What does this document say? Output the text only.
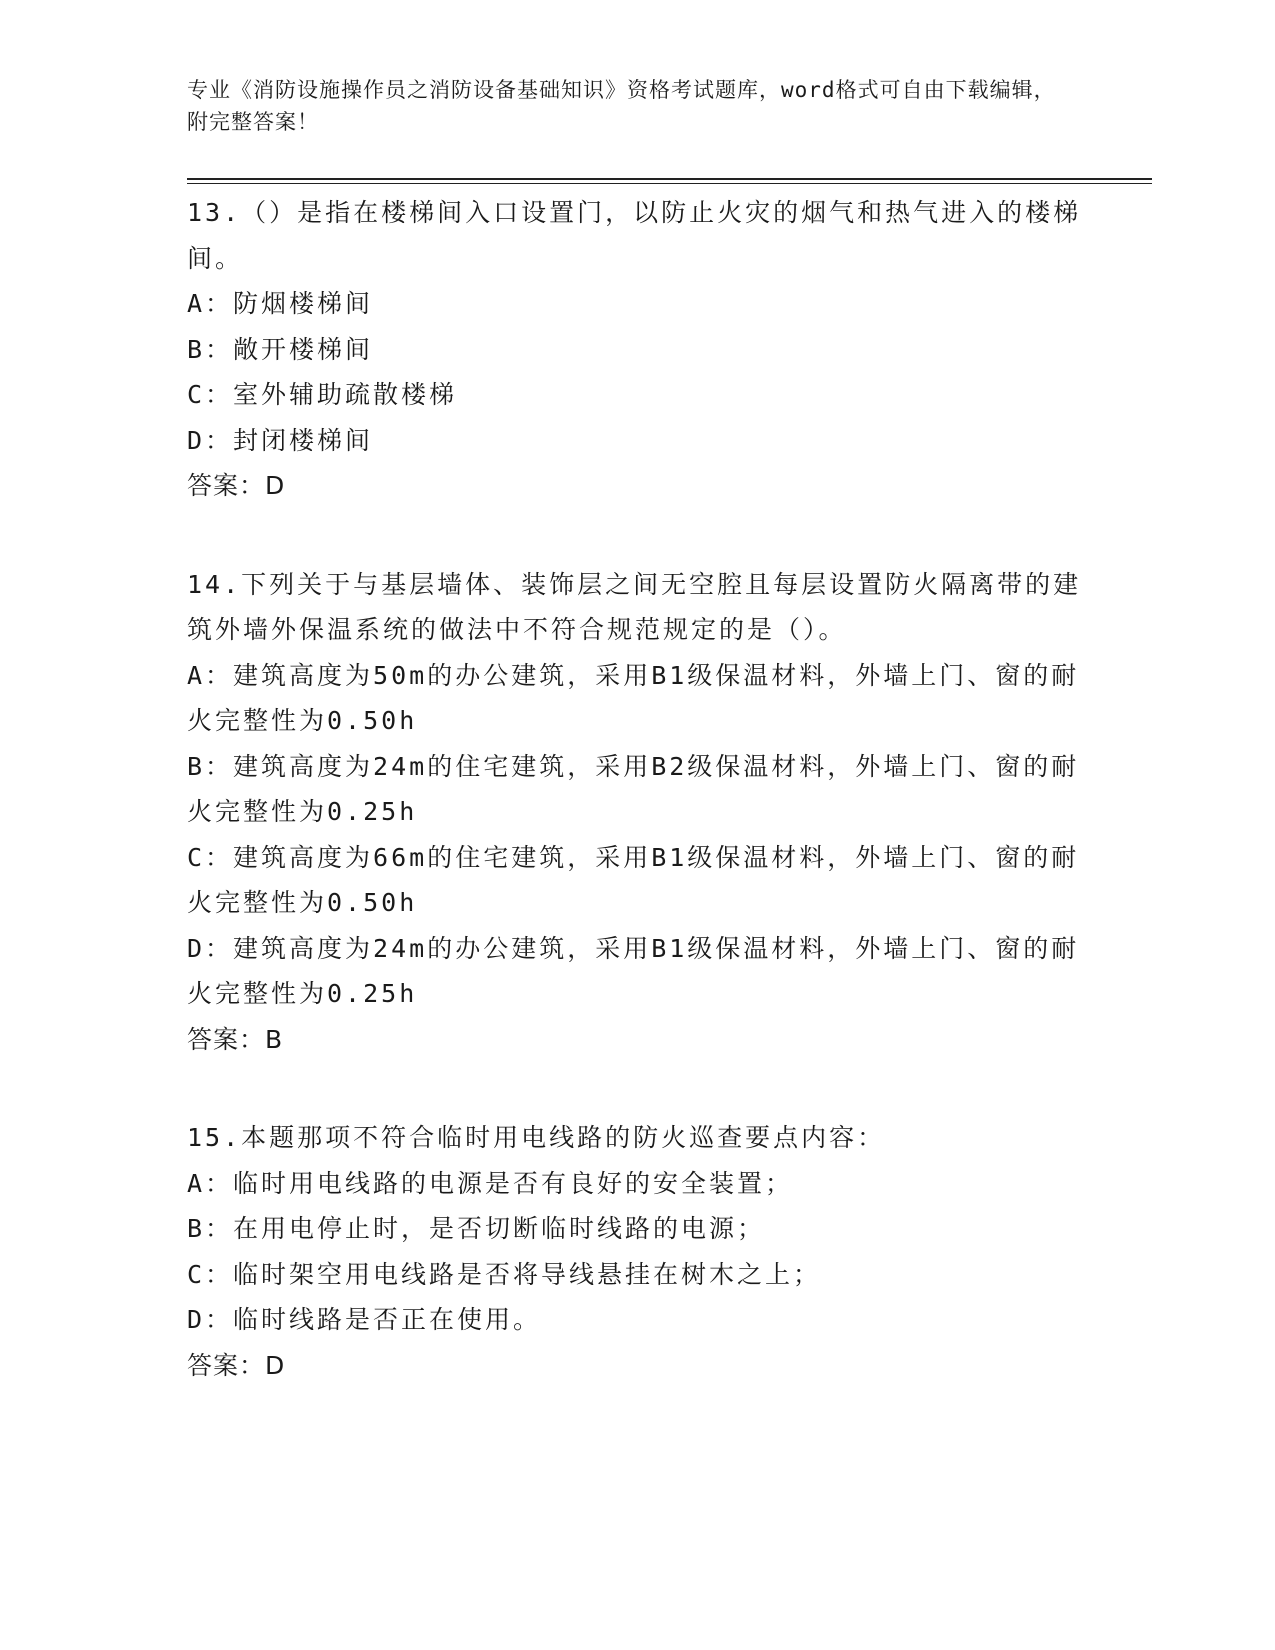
专业《消防设施操作员之消防设备基础知识》资格考试题库，word格式可自由下载编辑，附完整答案！
13.（）是指在楼梯间入口设置门，以防止火灾的烟气和热气进入的楼梯间。
A：防烟楼梯间
B：敞开楼梯间
C：室外辅助疏散楼梯
D：封闭楼梯间
答案：D
14.下列关于与基层墙体、装饰层之间无空腔且每层设置防火隔离带的建筑外墙外保温系统的做法中不符合规范规定的是（）。
A：建筑高度为50m的办公建筑，采用B1级保温材料，外墙上门、窗的耐火完整性为0.50h
B：建筑高度为24m的住宅建筑，采用B2级保温材料，外墙上门、窗的耐火完整性为0.25h
C：建筑高度为66m的住宅建筑，采用B1级保温材料，外墙上门、窗的耐火完整性为0.50h
D：建筑高度为24m的办公建筑，采用B1级保温材料，外墙上门、窗的耐火完整性为0.25h
答案：B
15.本题那项不符合临时用电线路的防火巡查要点内容：
A：临时用电线路的电源是否有良好的安全装置；
B：在用电停止时，是否切断临时线路的电源；
C：临时架空用电线路是否将导线悬挂在树木之上；
D：临时线路是否正在使用。
答案：D
